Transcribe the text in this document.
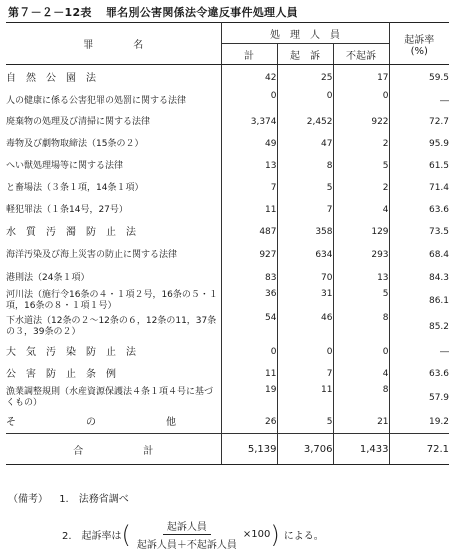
第７－２－12表 罪名別公害関係法令違反事件処理人員
罪　　　　名	処　理　人　員			起訴率
(%)

	計	起　訴	不起訴	

自然公園法	42	25	17	59.5
人の健康に係る公害犯罪の処罰に関する法律	0	0	0	―
廃棄物の処理及び清掃に関する法律	3,374	2,452	922	72.7
毒物及び劇物取締法（15条の２）	49	47	2	95.9
へい獣処理場等に関する法律	13	8	5	61.5
と畜場法（３条１項，14条１項）	7	5	2	71.4
軽犯罪法（１条14号，27号）	11	7	4	63.6

水質汚濁防止法	487	358	129	73.5
海洋汚染及び海上災害の防止に関する法律	927	634	293	68.4
港則法（24条１項）	83	70	13	84.3
河川法（施行令16条の４・１項２号，16条の５・１項，16条の８・１項１号）	36	31	5	86.1
下水道法（12条の２～12条の６，12条の11，37条の３，39条の２）	54	46	8	85.2

大気汚染防止法	0	0	0	―

公害防止条例	11	7	4	63.6
漁業調整規則（水産資源保護法４条１項４号に基づくもの）	19	11	8	57.9

そ　　　の　　　他	26	5	21	19.2
合　　　　　　計	5,139	3,706	1,433	72.1
（備考） 1.　法務省調べ
2.　起訴率は ( $\frac{\text{起訴人員}}{\text{起訴人員＋不起訴人員}} \times 100$ ) による。
